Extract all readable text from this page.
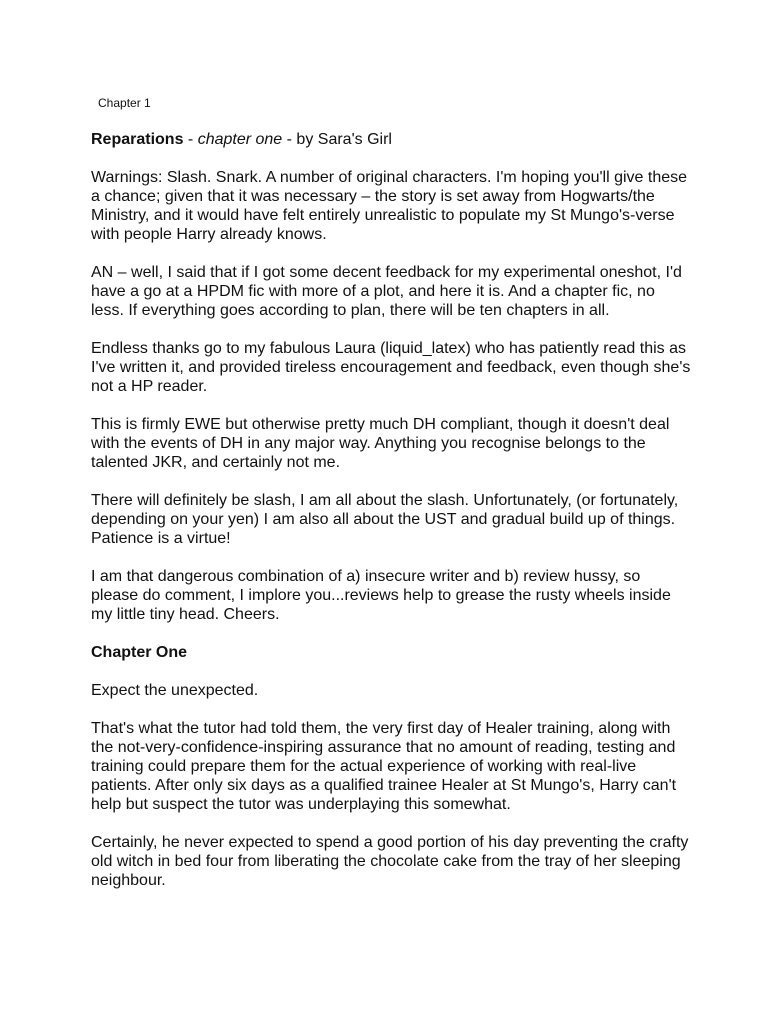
Chapter 1

Reparations - chapter one - by Sara's Girl

Warnings: Slash. Snark. A number of original characters. I'm hoping you'll give these a chance; given that it was necessary – the story is set away from Hogwarts/the Ministry, and it would have felt entirely unrealistic to populate my St Mungo's-verse with people Harry already knows.

AN – well, I said that if I got some decent feedback for my experimental oneshot, I'd have a go at a HPDM fic with more of a plot, and here it is. And a chapter fic, no less. If everything goes according to plan, there will be ten chapters in all.

Endless thanks go to my fabulous Laura (liquid_latex) who has patiently read this as I've written it, and provided tireless encouragement and feedback, even though she's not a HP reader.

This is firmly EWE but otherwise pretty much DH compliant, though it doesn't deal with the events of DH in any major way. Anything you recognise belongs to the talented JKR, and certainly not me.

There will definitely be slash, I am all about the slash. Unfortunately, (or fortunately, depending on your yen) I am also all about the UST and gradual build up of things. Patience is a virtue!

I am that dangerous combination of a) insecure writer and b) review hussy, so please do comment, I implore you...reviews help to grease the rusty wheels inside my little tiny head. Cheers.

Chapter One

Expect the unexpected.

That's what the tutor had told them, the very first day of Healer training, along with the not-very-confidence-inspiring assurance that no amount of reading, testing and training could prepare them for the actual experience of working with real-live patients. After only six days as a qualified trainee Healer at St Mungo's, Harry can't help but suspect the tutor was underplaying this somewhat.

Certainly, he never expected to spend a good portion of his day preventing the crafty old witch in bed four from liberating the chocolate cake from the tray of her sleeping neighbour.
